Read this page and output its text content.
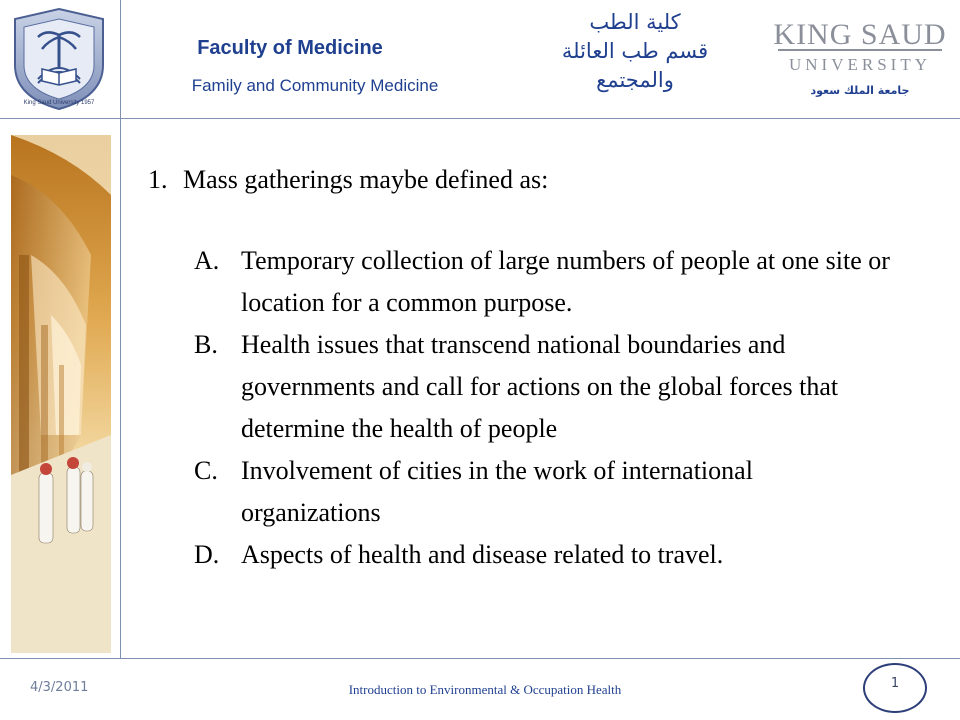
King Saud University 1957
Faculty of Medicine
Family and Community Medicine
كلية الطب
قسم طب العائلة
والمجتمع
KING SAUD
UNIVERSITY
جامعة الملك سعود
1. Mass gatherings maybe defined as:
A. Temporary collection of large numbers of people at one site or location for a common purpose.
B. Health issues that transcend national boundaries and governments and call for actions on the global forces that determine the health of people
C. Involvement of cities in the work of international organizations
D. Aspects of health and disease related to travel.
4/3/2011	Introduction to Environmental & Occupation Health	1
